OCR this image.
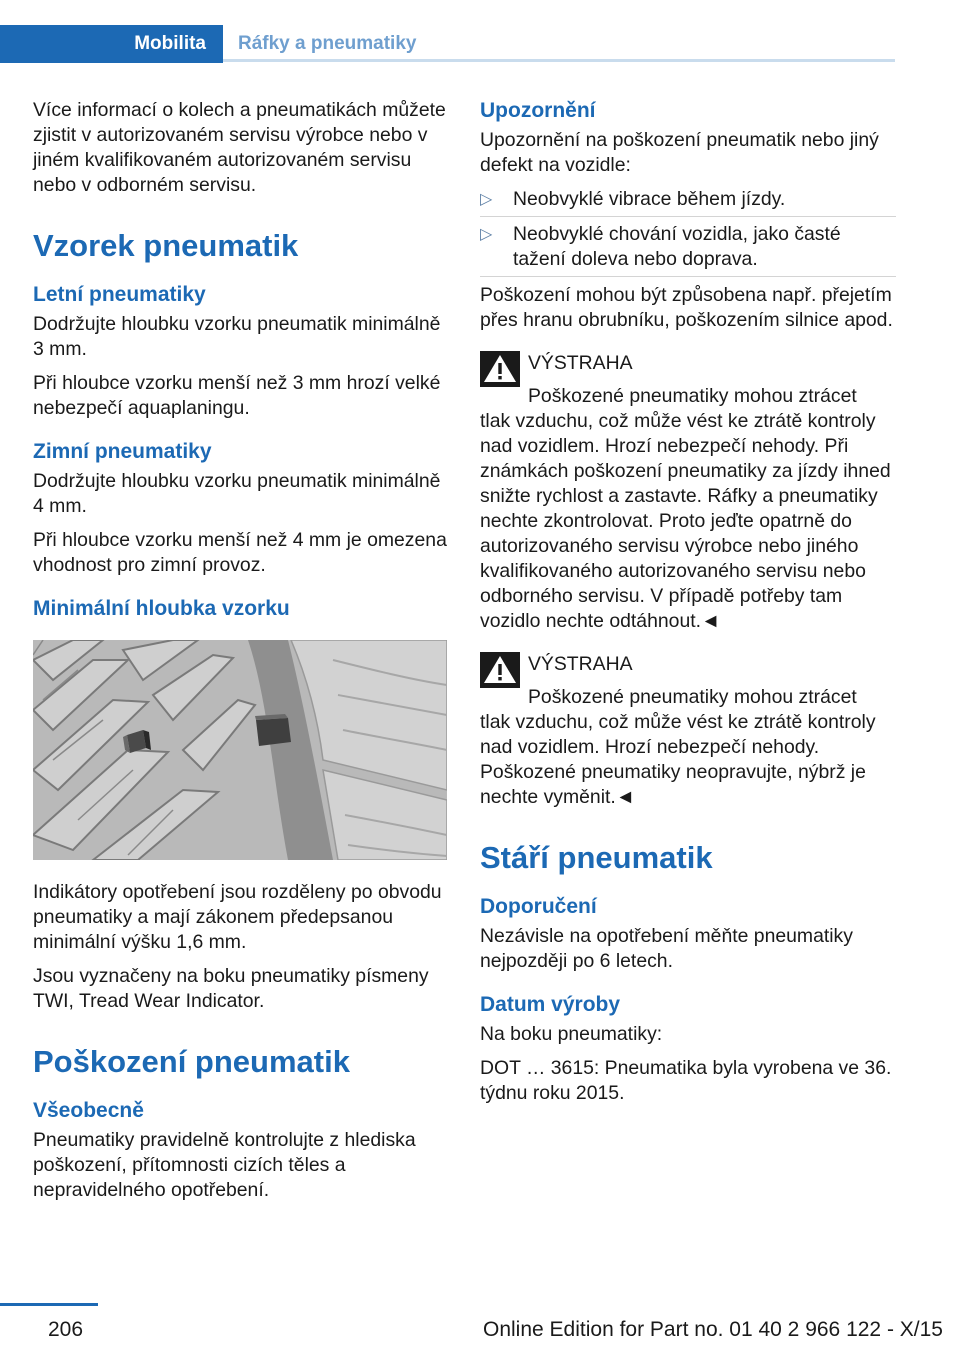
Mobilita Ráfky a pneumatiky

Více informací o kolech a pneumatikách můžete zjistit v autorizovaném servisu výrobce nebo v jiném kvalifikovaném autorizovaném servisu nebo v odborném servisu.

Vzorek pneumatik
Letní pneumatiky

Dodržujte hloubku vzorku pneumatik minimálně 3 mm.

Při hloubce vzorku menší než 3 mm hrozí velké nebezpečí aquaplaningu.

Zimní pneumatiky

Dodržujte hloubku vzorku pneumatik minimálně 4 mm.

Při hloubce vzorku menší než 4 mm je omezena vhodnost pro zimní provoz.

Minimální hloubka vzorku

Indikátory opotřebení jsou rozděleny po obvodu pneumatiky a mají zákonem předepsanou minimální výšku 1,6 mm.

Jsou vyznačeny na boku pneumatiky písmeny TWI, Tread Wear Indicator.

Poškození pneumatik
Všeobecně

Pneumatiky pravidelně kontrolujte z hlediska poškození, přítomnosti cizích těles a nepravidelného opotřebení.

Upozornění

Upozornění na poškození pneumatik nebo jiný defekt na vozidle:

▷ Neobvyklé vibrace během jízdy.
▷ Neobvyklé chování vozidla, jako časté tažení doleva nebo doprava.

Poškození mohou být způsobena např. přejetím přes hranu obrubníku, poškozením silnice apod.

VÝSTRAHA
Poškozené pneumatiky mohou ztrácet

tlak vzduchu, což může vést ke ztrátě kontroly nad vozidlem. Hrozí nebezpečí nehody. Při známkách poškození pneumatiky za jízdy ihned snižte rychlost a zastavte. Ráfky a pneumatiky nechte zkontrolovat. Proto jeďte opatrně do autorizovaného servisu výrobce nebo jiného kvalifikovaného autorizovaného servisu nebo odborného servisu. V případě potřeby tam vozidlo nechte odtáhnout.◄

VÝSTRAHA
Poškozené pneumatiky mohou ztrácet

tlak vzduchu, což může vést ke ztrátě kontroly nad vozidlem. Hrozí nebezpečí nehody. Poškozené pneumatiky neopravujte, nýbrž je nechte vyměnit.◄

Stáří pneumatik
Doporučení

Nezávisle na opotřebení měňte pneumatiky nejpozději po 6 letech.

Datum výroby

Na boku pneumatiky:

DOT … 3615: Pneumatika byla vyrobena ve 36. týdnu roku 2015.

206	Online Edition for Part no. 01 40 2 966 122 - X/15
